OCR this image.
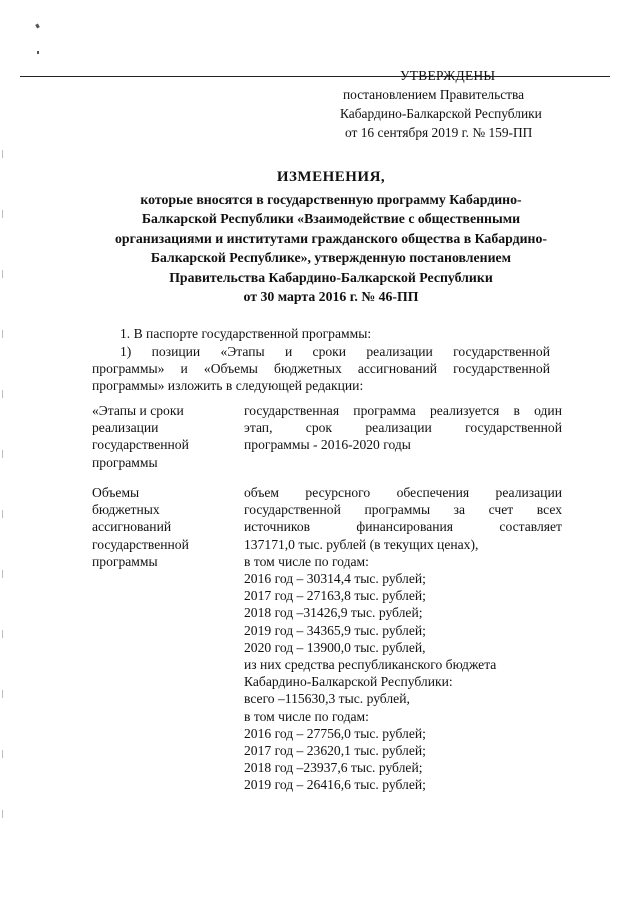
УТВЕРЖДЕНЫ
постановлением Правительства
Кабардино-Балкарской Республики
от 16 сентября 2019 г. № 159-ПП
ИЗМЕНЕНИЯ,
которые вносятся в государственную программу Кабардино-
Балкарской Республики «Взаимодействие с общественными
организациями и институтами гражданского общества в Кабардино-
Балкарской Республике», утвержденную постановлением
Правительства Кабардино-Балкарской Республики
от 30 марта 2016 г. № 46-ПП
1. В паспорте государственной программы:
1) позиции «Этапы и сроки реализации государственной
программы» и «Объемы бюджетных ассигнований государственной
программы» изложить в следующей редакции:
«Этапы и сроки
реализации
государственной
программы
государственная программа реализуется в один
этап, срок реализации государственной
программы - 2016-2020 годы
Объемы
бюджетных
ассигнований
государственной
программы
объем ресурсного обеспечения реализации
государственной программы за счет всех
источников финансирования составляет
137171,0 тыс. рублей (в текущих ценах),
в том числе по годам:
2016 год – 30314,4 тыс. рублей;
2017 год – 27163,8 тыс. рублей;
2018 год –31426,9 тыс. рублей;
2019 год – 34365,9 тыс. рублей;
2020 год – 13900,0 тыс. рублей,
из них средства республиканского бюджета
Кабардино-Балкарской Республики:
всего –115630,3 тыс. рублей,
в том числе по годам:
2016 год – 27756,0 тыс. рублей;
2017 год – 23620,1 тыс. рублей;
2018 год –23937,6 тыс. рублей;
2019 год – 26416,6 тыс. рублей;
